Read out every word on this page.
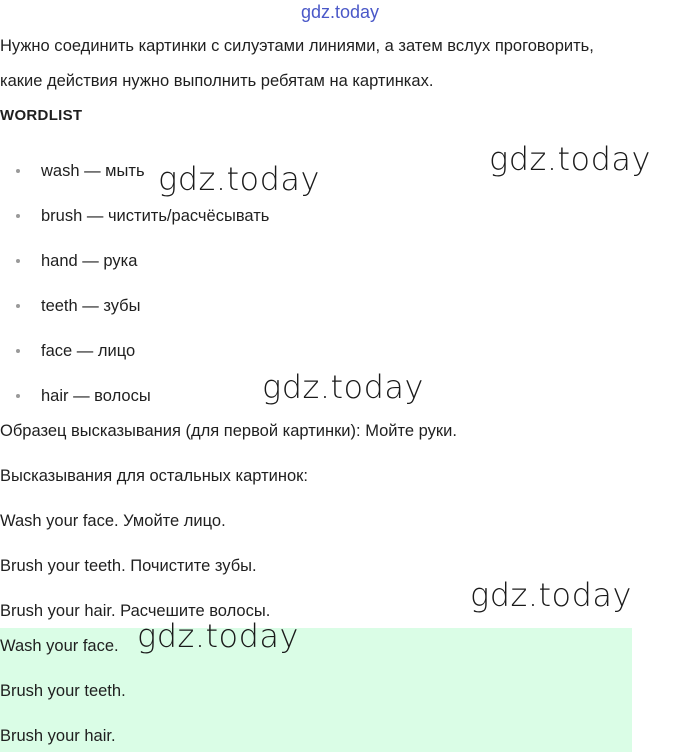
gdz.today
Нужно соединить картинки с силуэтами линиями, а затем вслух проговорить,
какие действия нужно выполнить ребятам на картинках.
WORDLIST
wash — мыть
brush — чистить/расчёсывать
hand — рука
teeth — зубы
face — лицо
hair — волосы
Образец высказывания (для первой картинки): Мойте руки.
Высказывания для остальных картинок:
Wash your face. Умойте лицо.
Brush your teeth. Почистите зубы.
Brush your hair. Расчешите волосы.
Wash your face.
Brush your teeth.
Brush your hair.
gdz.today
gdz.today
gdz.today
gdz.today
gdz.today
